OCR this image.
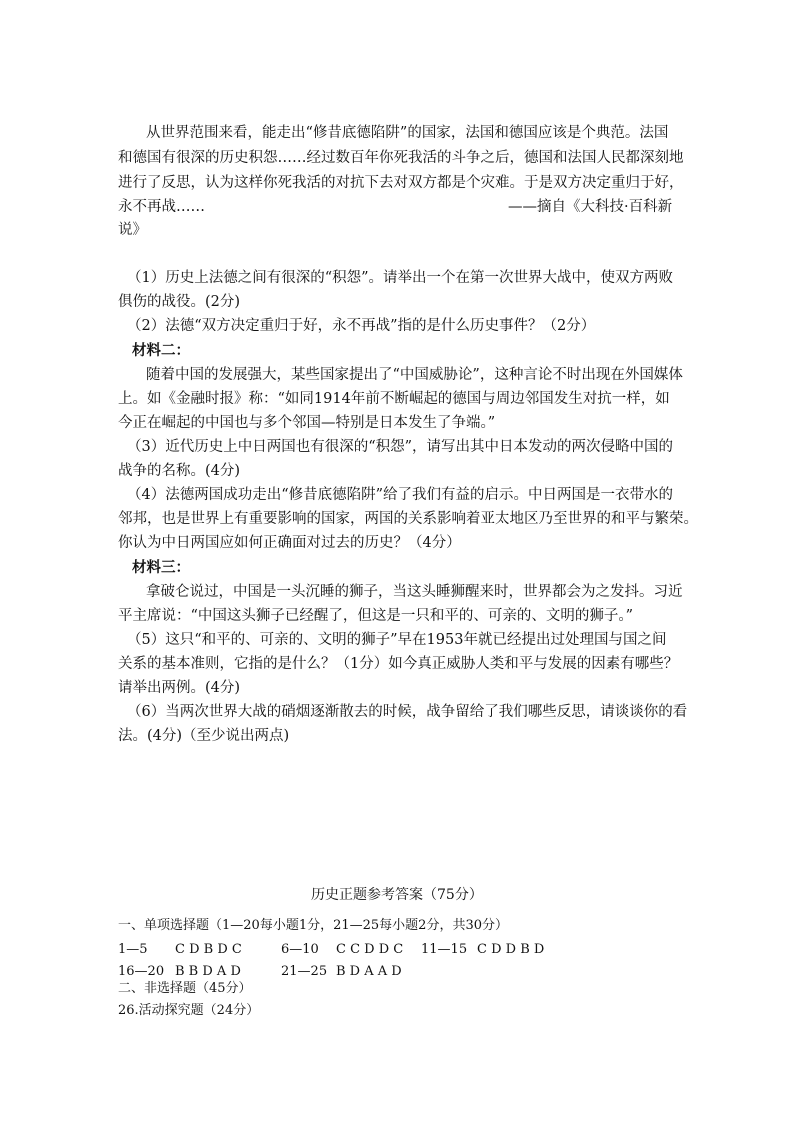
从世界范围来看，能走出“修昔底德陷阱”的国家，法国和德国应该是个典范。法国
和德国有很深的历史积怨……经过数百年你死我活的斗争之后，德国和法国人民都深刻地
进行了反思，认为这样你死我活的对抗下去对双方都是个灾难。于是双方决定重归于好，
永不再战……	——摘自《大科技·百科新
说》
（1）历史上法德之间有很深的“积怨”。请举出一个在第一次世界大战中，使双方两败
俱伤的战役。(2分)
（2）法德“双方决定重归于好，永不再战”指的是什么历史事件？（2分）
材料二：
随着中国的发展强大，某些国家提出了“中国威胁论”，这种言论不时出现在外国媒体
上。如《金融时报》称：“如同1914年前不断崛起的德国与周边邻国发生对抗一样，如
今正在崛起的中国也与多个邻国—特别是日本发生了争端。”
（3）近代历史上中日两国也有很深的“积怨”，请写出其中日本发动的两次侵略中国的
战争的名称。(4分)
（4）法德两国成功走出“修昔底德陷阱”给了我们有益的启示。中日两国是一衣带水的
邻邦，也是世界上有重要影响的国家，两国的关系影响着亚太地区乃至世界的和平与繁荣。
你认为中日两国应如何正确面对过去的历史？（4分）
材料三：
拿破仑说过，中国是一头沉睡的狮子，当这头睡狮醒来时，世界都会为之发抖。习近
平主席说：“中国这头狮子已经醒了，但这是一只和平的、可亲的、文明的狮子。”
（5）这只“和平的、可亲的、文明的狮子”早在1953年就已经提出过处理国与国之间
关系的基本准则，它指的是什么？（1分）如今真正威胁人类和平与发展的因素有哪些？
请举出两例。(4分)
（6）当两次世界大战的硝烟逐渐散去的时候，战争留给了我们哪些反思，请谈谈你的看
法。(4分)（至少说出两点)
历史正题参考答案（75分）
一、单项选择题（1—20每小题1分，21—25每小题2分，共30分）
1—5 C D B D C	6—10 C C D D C 11—15 C D D B D
16—20 B B D A D	21—25 B D A A D
二、非选择题（45分）
26.活动探究题（24分）
